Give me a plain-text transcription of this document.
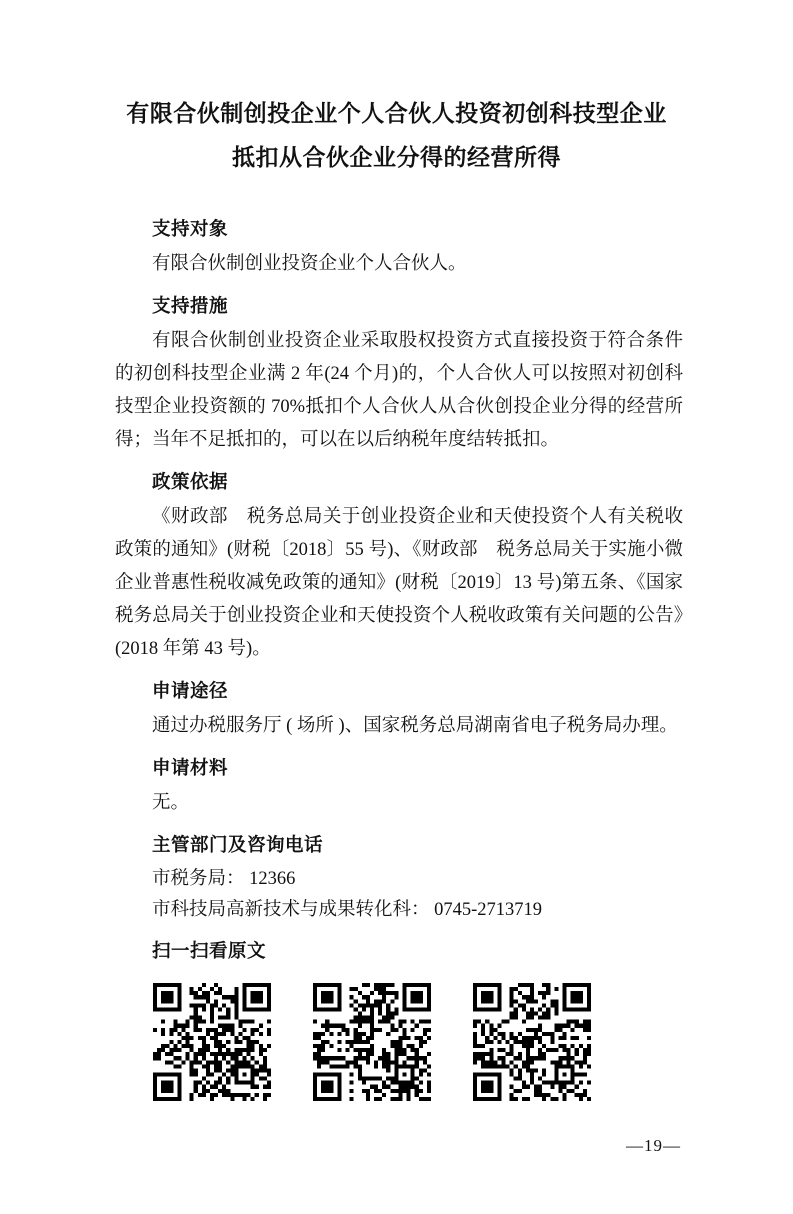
有限合伙制创投企业个人合伙人投资初创科技型企业
抵扣从合伙企业分得的经营所得
支持对象

有限合伙制创业投资企业个人合伙人。

支持措施

有限合伙制创业投资企业采取股权投资方式直接投资于符合条件的初创科技型企业满 2 年(24 个月)的，个人合伙人可以按照对初创科技型企业投资额的 70%抵扣个人合伙人从合伙创投企业分得的经营所得；当年不足抵扣的，可以在以后纳税年度结转抵扣。

政策依据

《财政部　税务总局关于创业投资企业和天使投资个人有关税收政策的通知》(财税〔2018〕55 号)、《财政部　税务总局关于实施小微企业普惠性税收减免政策的通知》(财税〔2019〕13 号)第五条、《国家税务总局关于创业投资企业和天使投资个人税收政策有关问题的公告》(2018 年第 43 号)。

申请途径

通过办税服务厅 ( 场所 )、国家税务总局湖南省电子税务局办理。

申请材料

无。

主管部门及咨询电话

市税务局： 12366

市科技局高新技术与成果转化科： 0745-2713719

扫一扫看原文
—19—
